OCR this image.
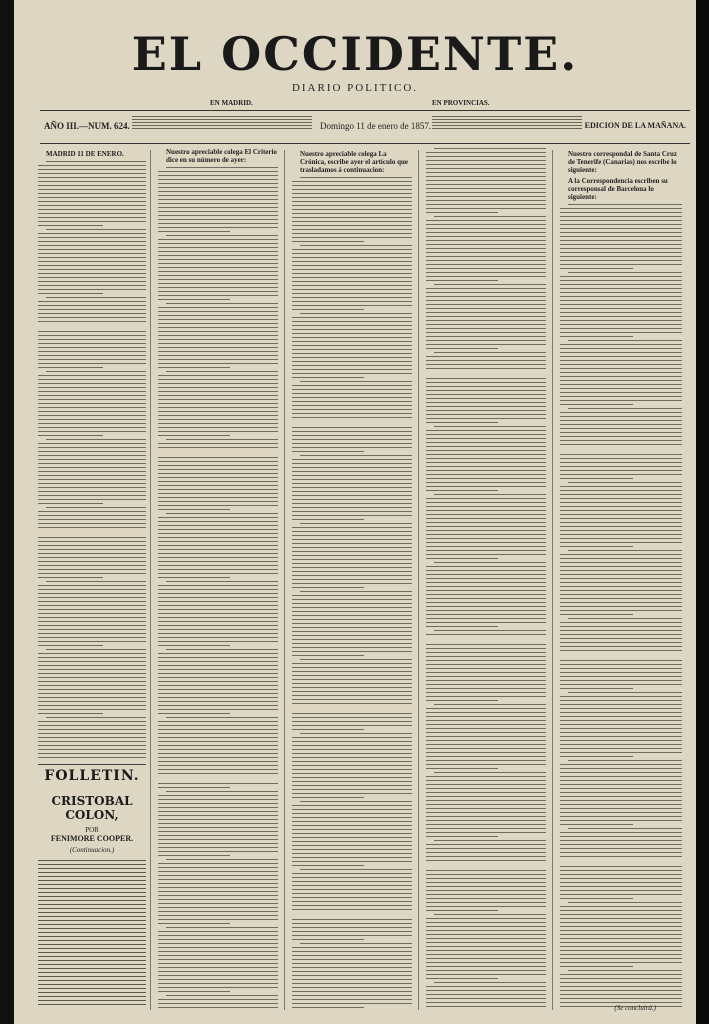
EL OCCIDENTE.
DIARIO POLITICO.
EN MADRID.	EN PROVINCIAS.
AÑO III.—NUM. 624.	Domingo 11 de enero de 1857.	EDICION DE LA MAÑANA.
MADRID 11 DE ENERO.
FOLLETIN.
CRISTOBAL COLON,
POR
FENIMORE COOPER.
(Continuacion.)
Nuestro apreciable colega El Criterio dice en su número de ayer:
Nuestro apreciable colega La Crónica, escribe ayer el artículo que trasladamos á continuacion:
Nuestro correspondal de Santa Cruz de Tenerife (Canarias) nos escribe lo siguiente:
A la Correspondencia escriben su corresponsal de Barcelona lo siguiente:
(Se concluirá.)
